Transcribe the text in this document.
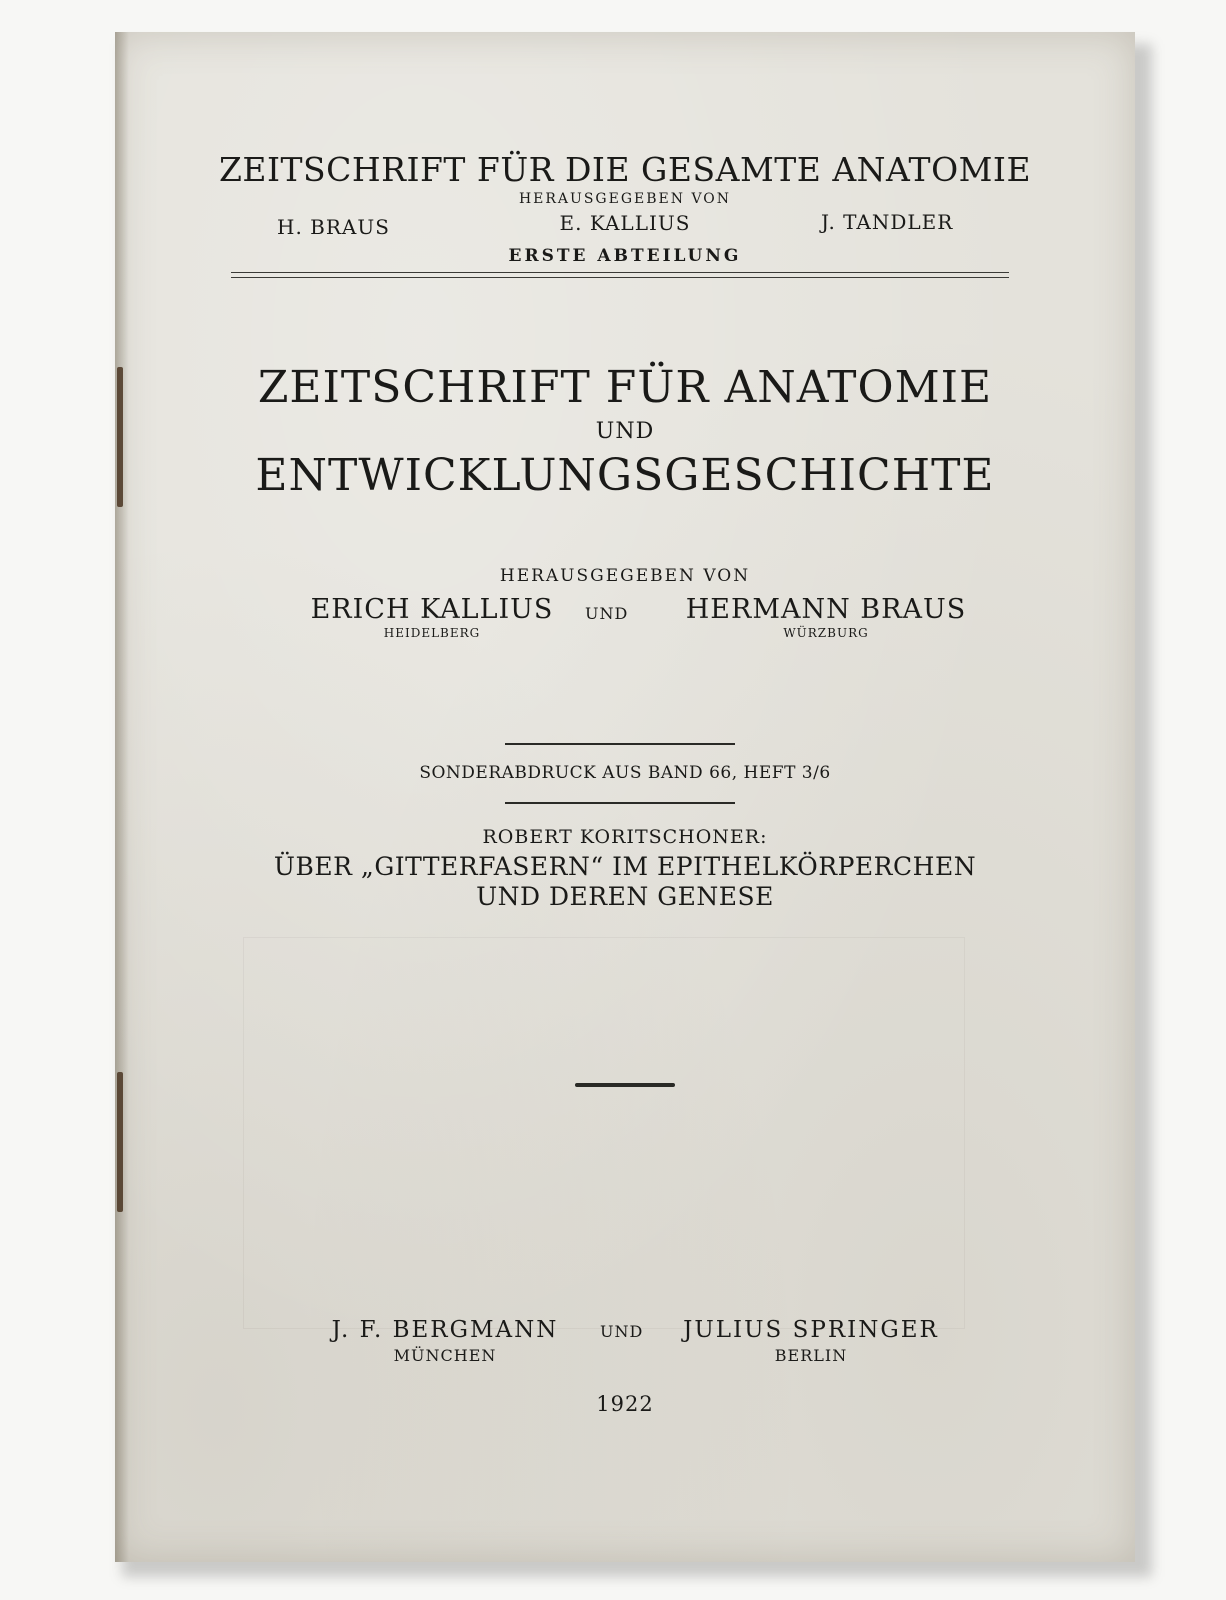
ZEITSCHRIFT FÜR DIE GESAMTE ANATOMIE
HERAUSGEGEBEN VON
H. BRAUS	E. KALLIUS	J. TANDLER
ERSTE ABTEILUNG
ZEITSCHRIFT FÜR ANATOMIE
UND
ENTWICKLUNGSGESCHICHTE
HERAUSGEGEBEN VON
ERICH KALLIUS
HEIDELBERG
UND	HERMANN BRAUS
WÜRZBURG
SONDERABDRUCK AUS BAND 66, HEFT 3/6
ROBERT KORITSCHONER:
ÜBER „GITTERFASERN“ IM EPITHELKÖRPERCHEN
UND DEREN GENESE
J. F. BERGMANN
MÜNCHEN
UND	JULIUS SPRINGER
BERLIN
1922
